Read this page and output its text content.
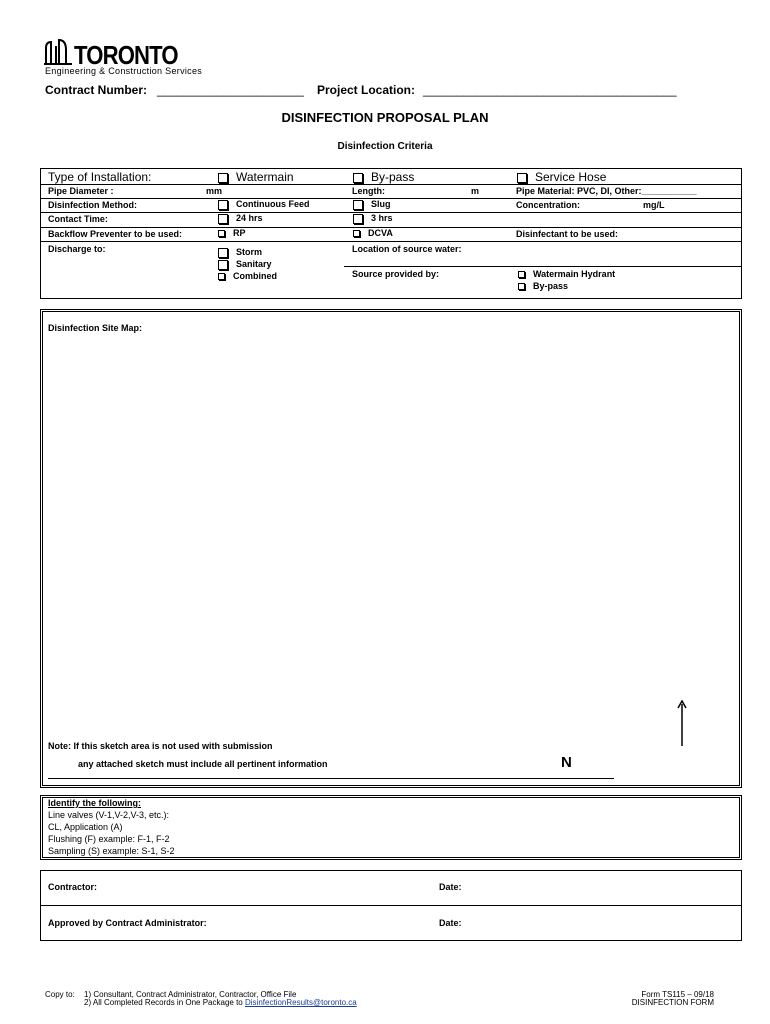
TORONTO
Engineering & Construction Services
Contract Number: ______________________ Project Location: ______________________________________
DISINFECTION PROPOSAL PLAN
Disinfection Criteria
Type of Installation:	Watermain	By-pass	Service Hose
Pipe Diameter :	mm	Length:	m	Pipe Material: PVC, DI, Other:___________
Disinfection Method:	Continuous Feed	Slug	Concentration:	mg/L
Contact Time:	24 hrs	3 hrs
Backflow Preventer to be used:	RP	DCVA	Disinfectant to be used:
Discharge to:	Storm
Sanitary
Combined
Location of source water:
Source provided by:	Watermain Hydrant
By-pass
Disinfection Site Map:
Note: If this sketch area is not used with submission
any attached sketch must include all pertinent information	N
Identify the following:
Line valves (V-1,V-2,V-3, etc.):
CL, Application (A)
Flushing (F) example: F-1, F-2
Sampling (S) example: S-1, S-2
Contractor:	Date:
Approved by Contract Administrator:	Date:
Copy to: 1) Consultant, Contract Administrator, Contractor, Office File
2) All Completed Records in One Package to DisinfectionResults@toronto.ca
Form TS115 – 09/18
DISINFECTION FORM
